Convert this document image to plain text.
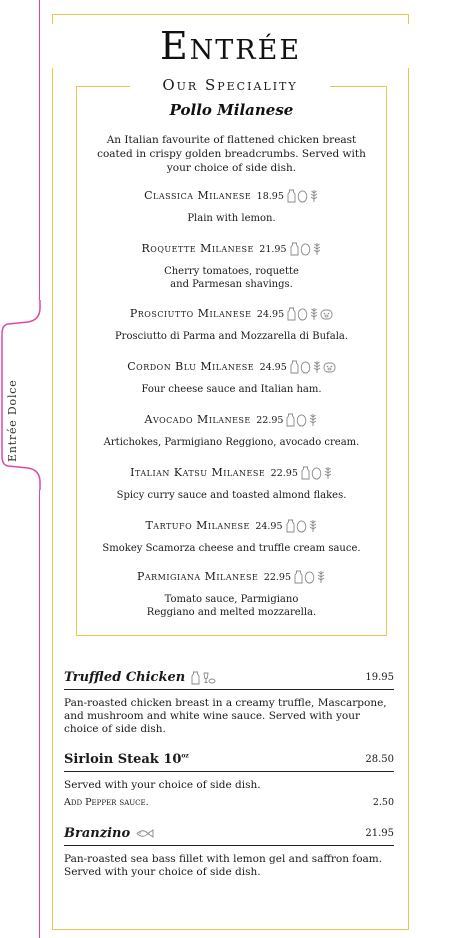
Entrée Dolce
Entrée
Our Speciality
Pollo Milanese
An Italian favourite of flattened chicken breast coated in crispy golden breadcrumbs. Served with your choice of side dish.
Classica Milanese 18.95
Plain with lemon.
Roquette Milanese 21.95
Cherry tomatoes, roquette and Parmesan shavings.
Prosciutto Milanese 24.95
Prosciutto di Parma and Mozzarella di Bufala.
Cordon Blu Milanese 24.95
Four cheese sauce and Italian ham.
Avocado Milanese 22.95
Artichokes, Parmigiano Reggiono, avocado cream.
Italian Katsu Milanese 22.95
Spicy curry sauce and toasted almond flakes.
Tartufo Milanese 24.95
Smokey Scamorza cheese and truffle cream sauce.
Parmigiana Milanese 22.95
Tomato sauce, Parmigiano Reggiano and melted mozzarella.
Truffled Chicken	19.95
Pan-roasted chicken breast in a creamy truffle, Mascarpone, and mushroom and white wine sauce. Served with your choice of side dish.
Sirloin Steak $10^{oz}$	28.50
Served with your choice of side dish.
Add Pepper sauce.	2.50
Branzino	21.95
Pan-roasted sea bass fillet with lemon gel and saffron foam. Served with your choice of side dish.
